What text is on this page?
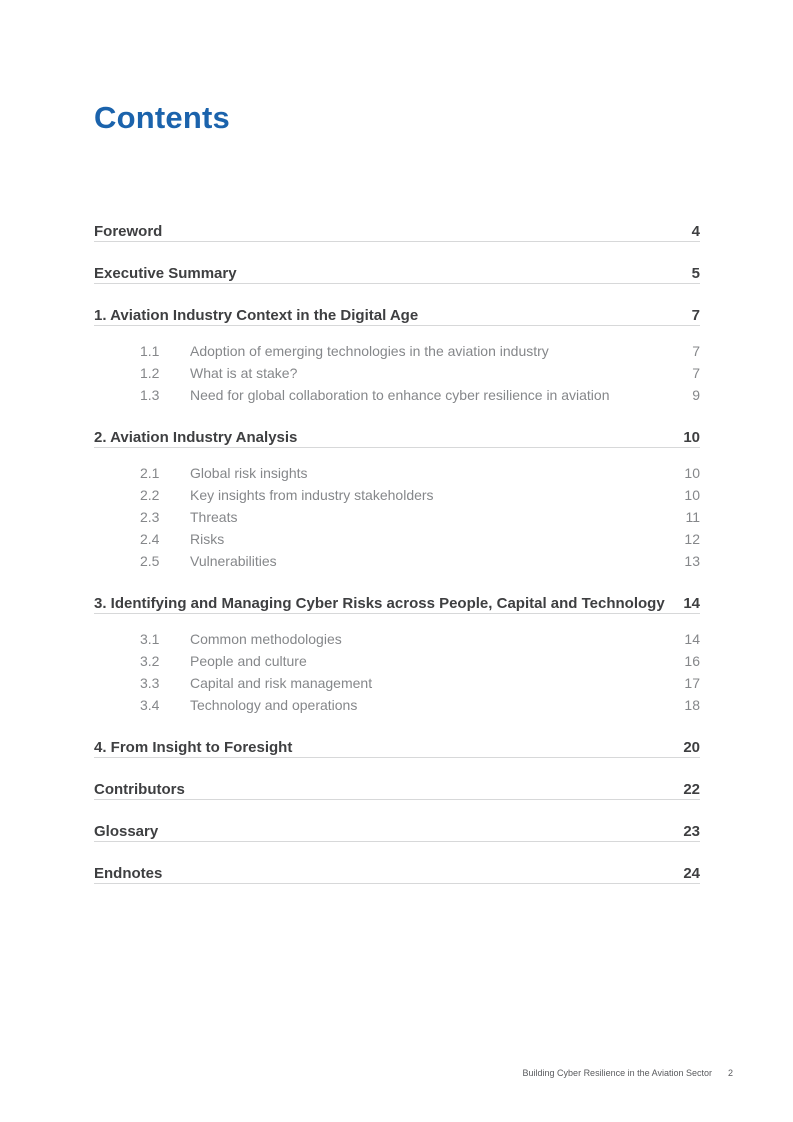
Contents
Foreword	4
Executive Summary	5
1. Aviation Industry Context in the Digital Age	7
1.1	Adoption of emerging technologies in the aviation industry	7
1.2	What is at stake?	7
1.3	Need for global collaboration to enhance cyber resilience in aviation	9
2. Aviation Industry Analysis	10
2.1	Global risk insights	10
2.2	Key insights from industry stakeholders	10
2.3	Threats	11
2.4	Risks	12
2.5	Vulnerabilities	13
3. Identifying and Managing Cyber Risks across People, Capital and Technology	14
3.1	Common methodologies	14
3.2	People and culture	16
3.3	Capital and risk management	17
3.4	Technology and operations	18
4. From Insight to Foresight	20
Contributors	22
Glossary	23
Endnotes	24
Building Cyber Resilience in the Aviation Sector 2
